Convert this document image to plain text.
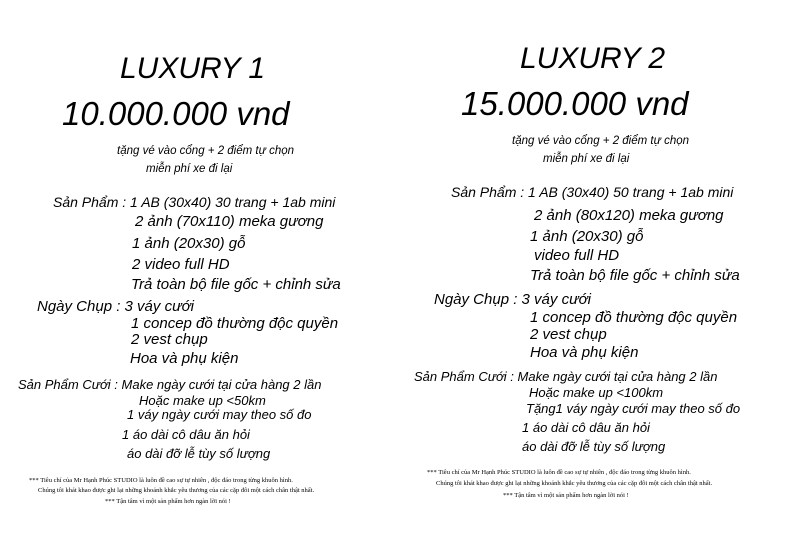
LUXURY 1
10.000.000 vnd
tặng vé vào cổng + 2 điểm tự chọn
miễn phí xe đi lại
Sản Phẩm : 1 AB (30x40) 30 trang + 1ab mini
2 ảnh (70x110) meka gương
1 ảnh (20x30) gỗ
2 video full HD
Trả toàn bộ file gốc + chỉnh sửa
Ngày Chụp : 3 váy cưới
1 concep đồ thường độc quyền
2 vest chụp
Hoa và phụ kiện
Sản Phẩm Cưới : Make ngày cưới tại cửa hàng 2 lần
Hoặc make up <50km
1 váy ngày cưới may theo số đo
1 áo dài cô dâu ăn hỏi
áo dài đỡ lễ tùy số lượng
*** Tiêu chí của Mr Hạnh Phúc STUDIO là luôn đề cao sự tự nhiên , độc đáo trong từng khuôn hình.
Chúng tôi khát khao được ghi lại những khoảnh khắc yêu thương của các cặp đôi một cách chân thật nhất.
*** Tận tâm vì một sản phẩm hơn ngàn lời nói !
LUXURY 2
15.000.000 vnd
tặng vé vào cổng + 2 điểm tự chọn
miễn phí xe đi lại
Sản Phẩm : 1 AB (30x40) 50 trang + 1ab mini
2 ảnh (80x120) meka gương
1 ảnh (20x30) gỗ
video full HD
Trả toàn bộ file gốc + chỉnh sửa
Ngày Chụp : 3 váy cưới
1 concep đồ thường độc quyền
2 vest chụp
Hoa và phụ kiện
Sản Phẩm Cưới : Make ngày cưới tại cửa hàng 2 lần
Hoặc make up <100km
Tặng1 váy ngày cưới may theo số đo
1 áo dài cô dâu ăn hỏi
áo dài đỡ lễ tùy số lượng
*** Tiêu chí của Mr Hạnh Phúc STUDIO là luôn đề cao sự tự nhiên , độc đáo trong từng khuôn hình.
Chúng tôi khát khao được ghi lại những khoảnh khắc yêu thương của các cặp đôi một cách chân thật nhất.
*** Tận tâm vì một sản phẩm hơn ngàn lời nói !
